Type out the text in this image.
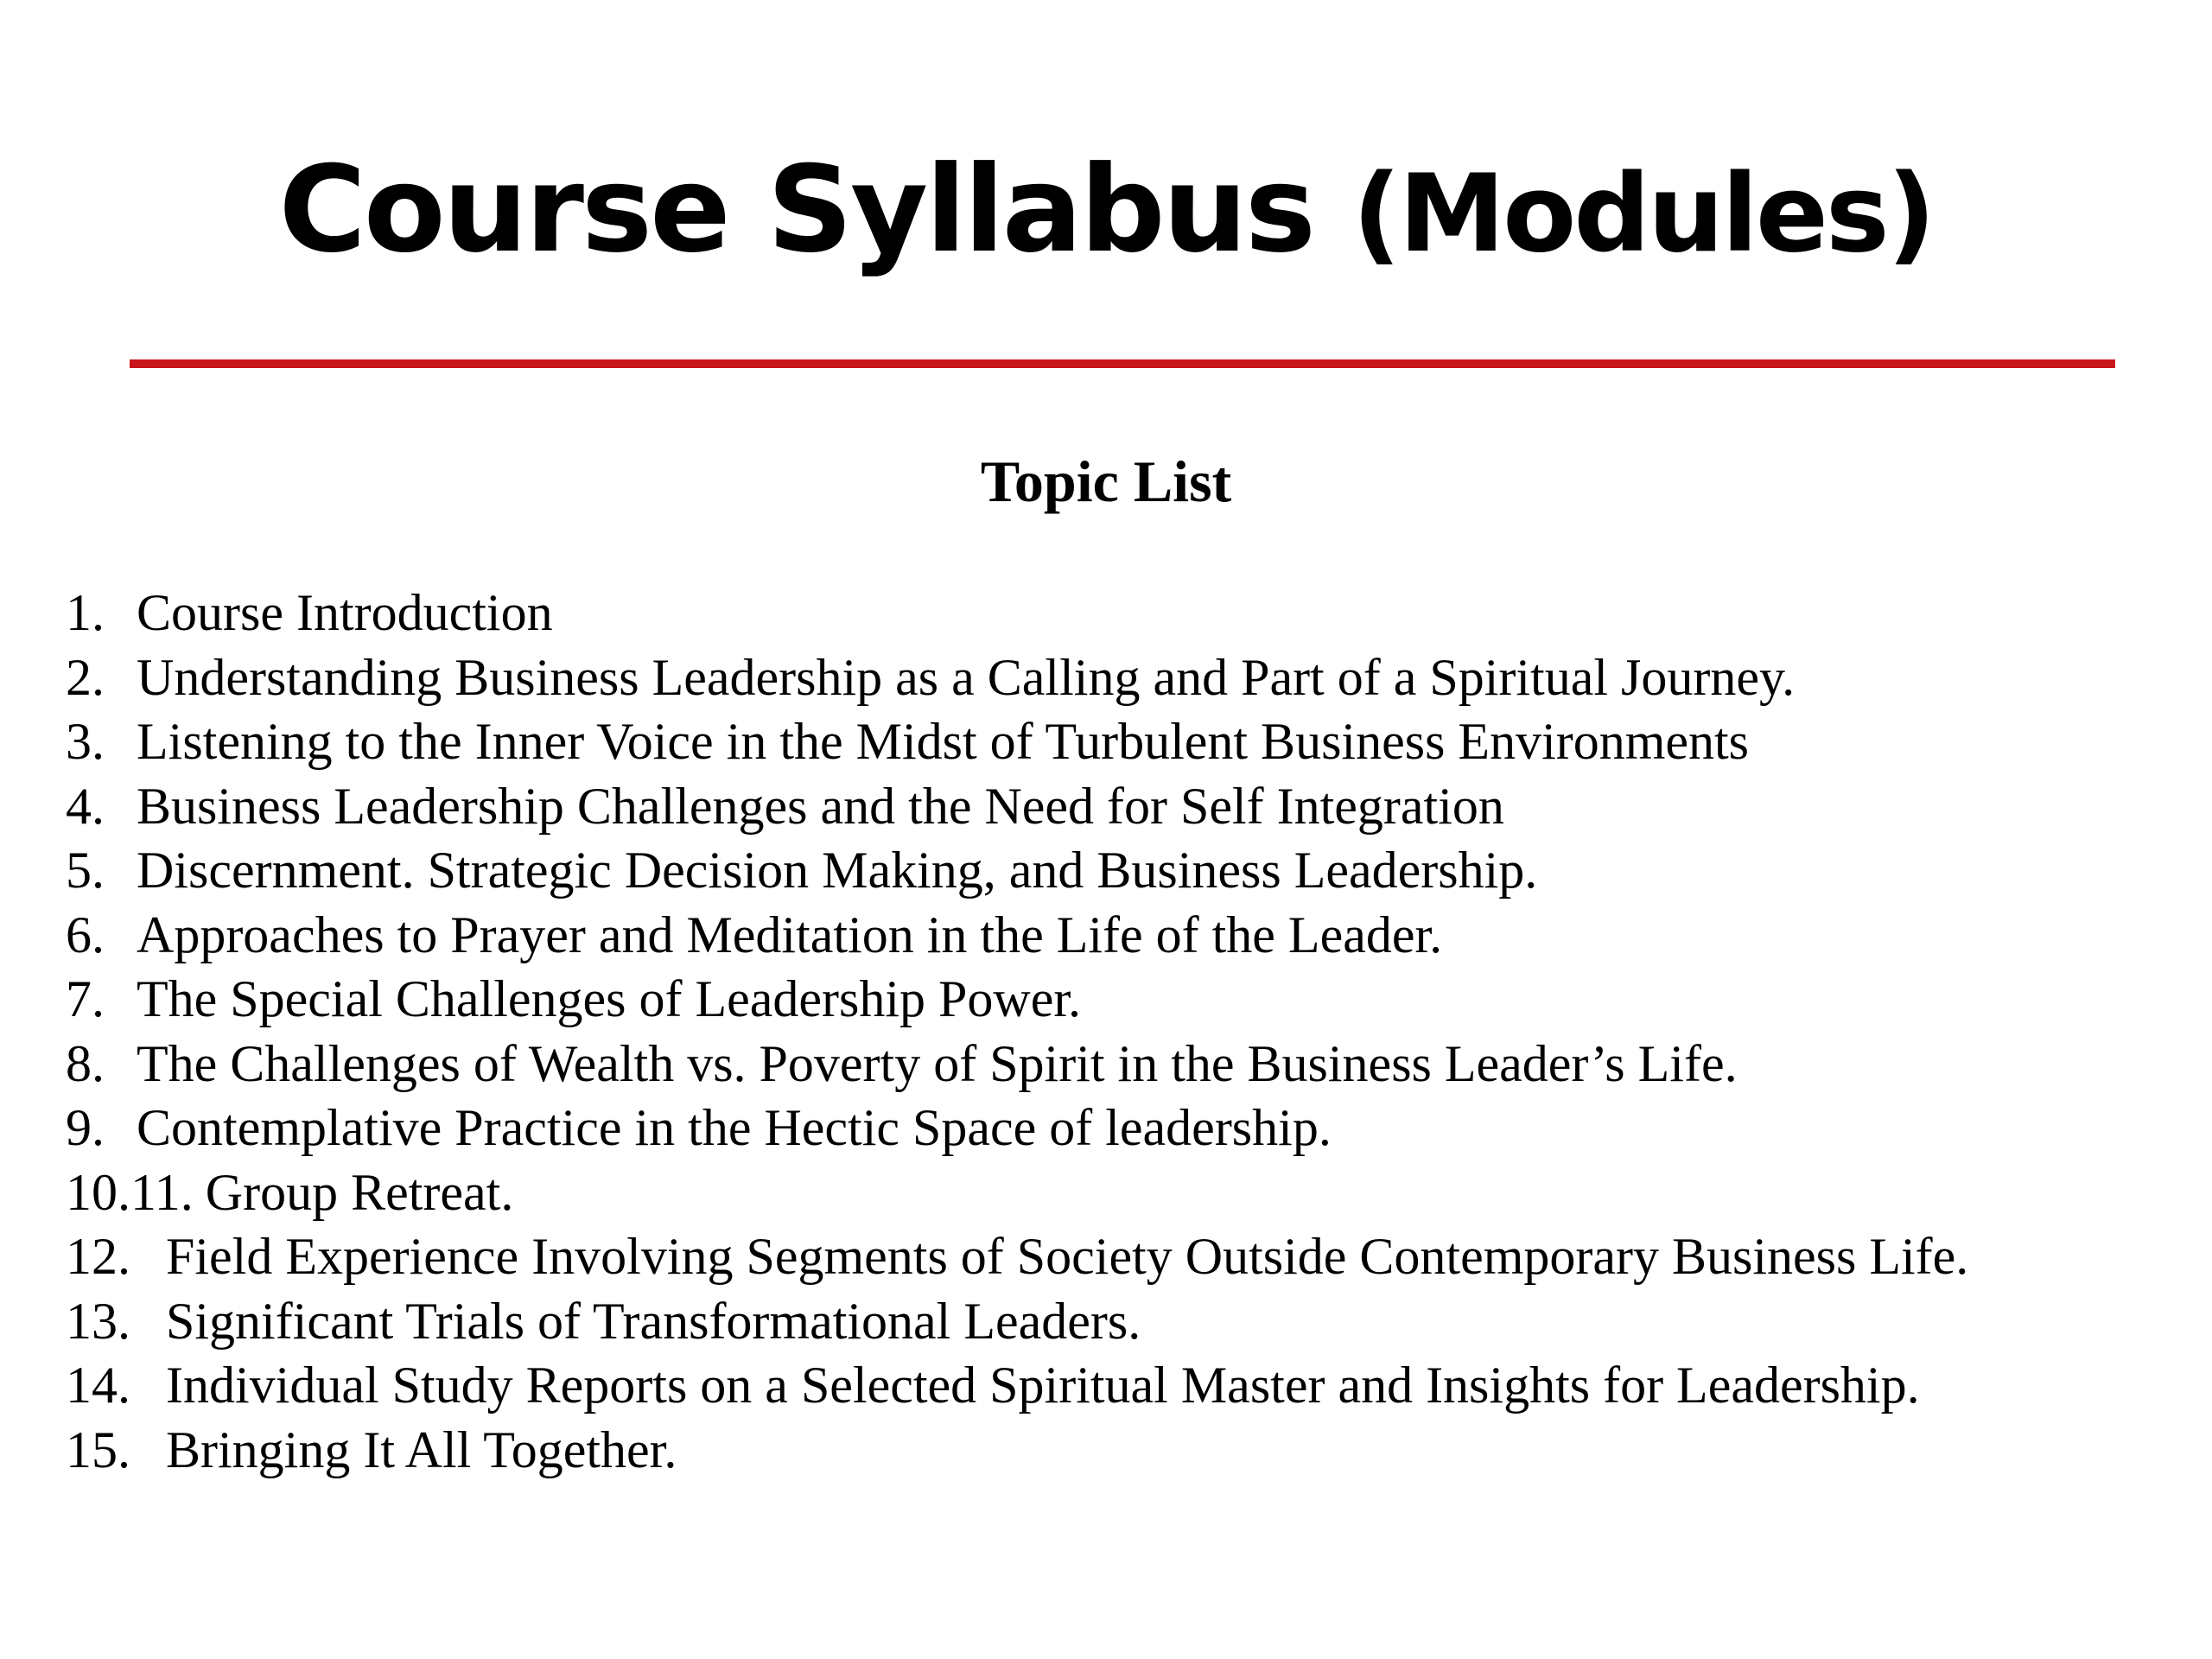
Course Syllabus (Modules)
Topic List
1. Course Introduction
2. Understanding Business Leadership as a Calling and Part of a Spiritual Journey.
3. Listening to the Inner Voice in the Midst of Turbulent Business Environments
4. Business Leadership Challenges and the Need for Self Integration
5. Discernment. Strategic Decision Making, and Business Leadership.
6. Approaches to Prayer and Meditation in the Life of the Leader.
7. The Special Challenges of Leadership Power.
8. The Challenges of Wealth vs. Poverty of Spirit in the Business Leader’s Life.
9. Contemplative Practice in the Hectic Space of leadership.
10.11. Group Retreat.
12. Field Experience Involving Segments of Society Outside Contemporary Business Life.
13. Significant Trials of Transformational Leaders.
14. Individual Study Reports on a Selected Spiritual Master and Insights for Leadership.
15. Bringing It All Together.
